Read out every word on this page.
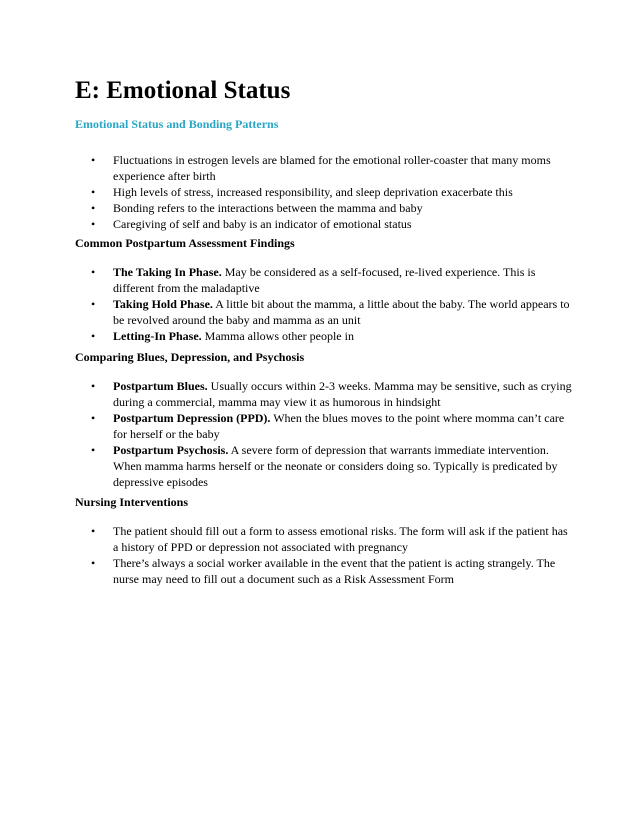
E: Emotional Status
Emotional Status and Bonding Patterns
• Fluctuations in estrogen levels are blamed for the emotional roller-coaster that many moms experience after birth
• High levels of stress, increased responsibility, and sleep deprivation exacerbate this
• Bonding refers to the interactions between the mamma and baby
• Caregiving of self and baby is an indicator of emotional status
Common Postpartum Assessment Findings
• The Taking In Phase. May be considered as a self-focused, re-lived experience. This is different from the maladaptive
• Taking Hold Phase. A little bit about the mamma, a little about the baby. The world appears to be revolved around the baby and mamma as an unit
• Letting-In Phase. Mamma allows other people in
Comparing Blues, Depression, and Psychosis
• Postpartum Blues. Usually occurs within 2-3 weeks. Mamma may be sensitive, such as crying during a commercial, mamma may view it as humorous in hindsight
• Postpartum Depression (PPD). When the blues moves to the point where momma can’t care for herself or the baby
• Postpartum Psychosis. A severe form of depression that warrants immediate intervention. When mamma harms herself or the neonate or considers doing so. Typically is predicated by depressive episodes
Nursing Interventions
• The patient should fill out a form to assess emotional risks. The form will ask if the patient has a history of PPD or depression not associated with pregnancy
• There’s always a social worker available in the event that the patient is acting strangely. The nurse may need to fill out a document such as a Risk Assessment Form
